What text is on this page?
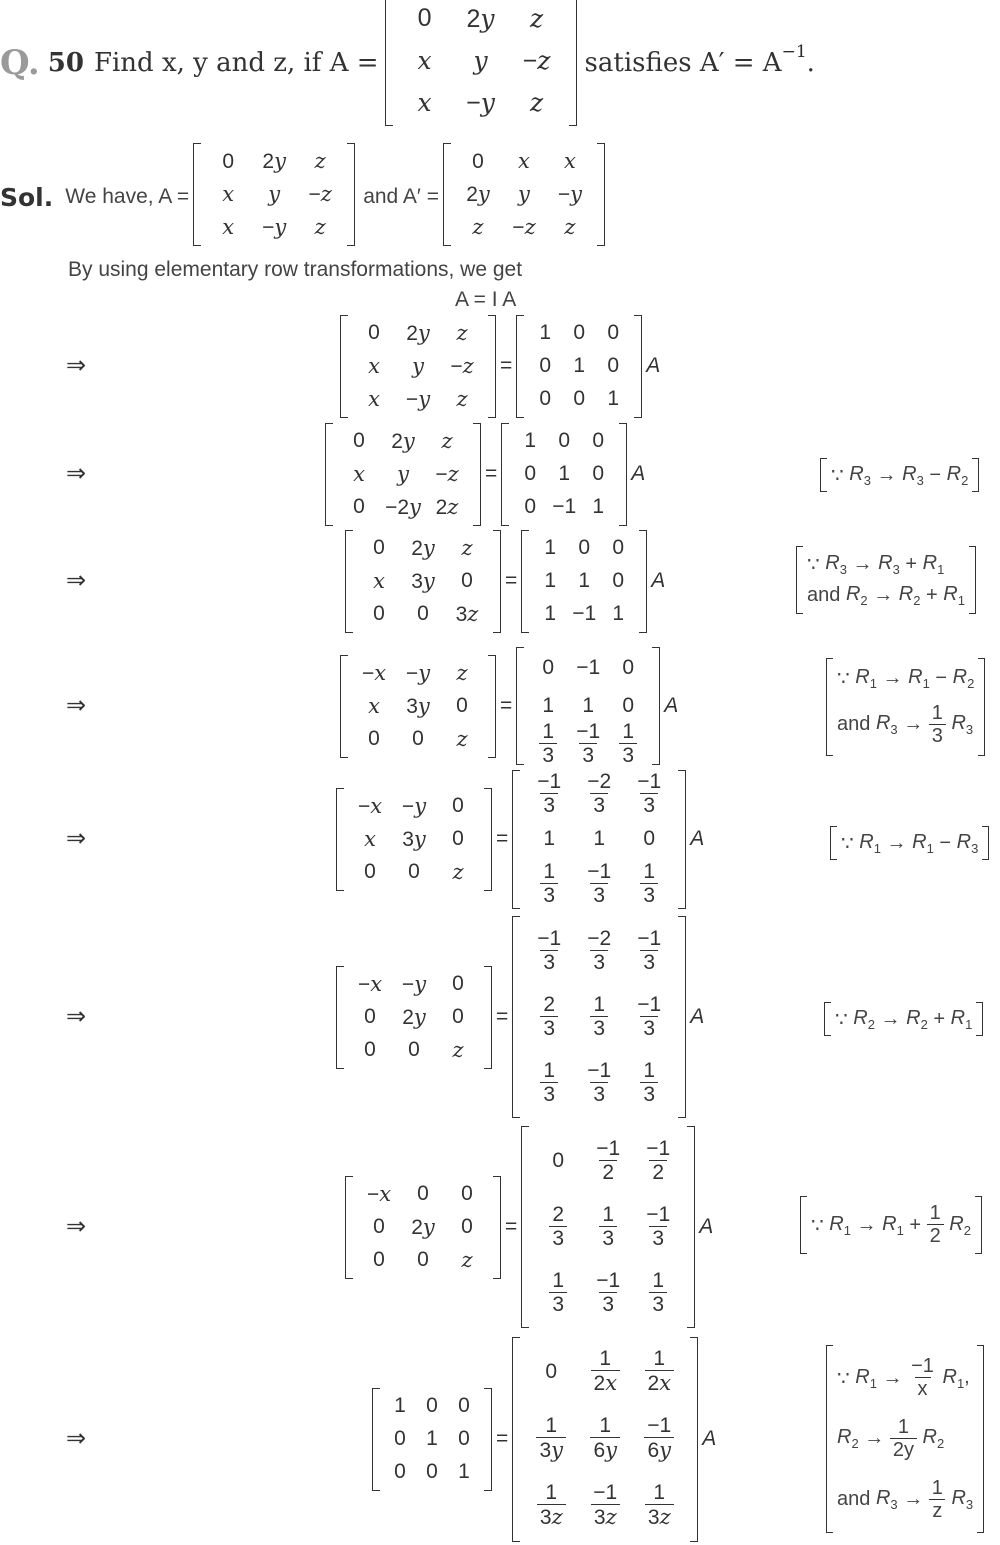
Q. 50 Find x, y and z, if A =
0 2y z
x y −z
x −y z
satisfies A′ = A −1 .
Sol. We have, A =
0 2y z
x y −z
x −y z
and A′ =
0 x x
2y y −y
z −z z
By using elementary row transformations, we get
A = I A
⇒
0 2y z
x y −z
x −y z
=
1 0 0
0 1 0
0 0 1
A
⇒
0 2y z
x y −z
0 −2y 2z
=
1 0 0
0 1 0
0 −1 1
A	∵ $R_3 \to R_3 - R_2$
⇒
0 2y z
x 3y 0
0 0 3z
=
1 0 0
1 1 0
1 −1 1
A
∵ $R_3 \to R_3 + R_1$
and $R_2 \to R_2 + R_1$
⇒
−x −y z
x 3y 0
0 0 z
=
0 −1 0
1 1 0
$\frac{1}{3} \frac{-1}{3} \frac{1}{3}$
A
∵ $R_1 \to R_1 - R_2$
and $R_3 \to \frac{1}{3}$
$R_3$
⇒
−x −y 0
x 3y 0
0 0 z
=
$\frac{-1}{3} \frac{-2}{3} \frac{-1}{3}$
1 1 0
$\frac{1}{3} \frac{-1}{3} \frac{1}{3}$
A	∵ $R_1 \to R_1 - R_3$
⇒
−x −y 0
0 2y 0
0 0 z
=
$\frac{-1}{3} \frac{-2}{3} \frac{-1}{3}$
$\frac{2}{3} \frac{1}{3} \frac{-1}{3}$
$\frac{1}{3} \frac{-1}{3} \frac{1}{3}$
A	∵ $R_2 \to R_2 + R_1$
⇒
−x 0 0
0 2y 0
0 0 z
=
$0 \frac{-1}{2} \frac{-1}{2}$
$\frac{2}{3} \frac{1}{3} \frac{-1}{3}$
$\frac{1}{3} \frac{-1}{3} \frac{1}{3}$
A	∵ $R_1 \to R_1 + \frac{1}{2}$
$R_2$
⇒
1 0 0
0 1 0
0 0 1
=
$0 \frac{1}{2x} \frac{1}{2x}$
$\frac{1}{3y} \frac{1}{6y} \frac{-1}{6y}$
$\frac{1}{3z} \frac{-1}{3z} \frac{1}{3z}$
A
∵ $R_1 \to \frac{-1}{x}$
$R_1$,
$R_2 \to \frac{1}{2y}$
$R_2$
and $R_3 \to \frac{1}{z}$
$R_3$
